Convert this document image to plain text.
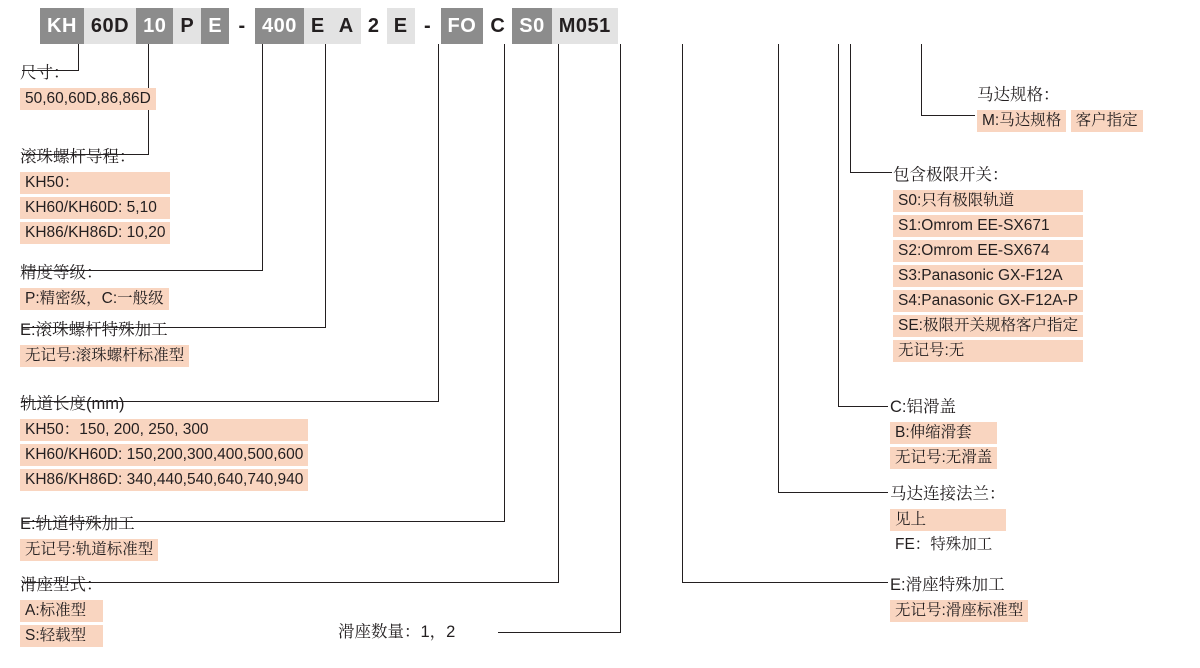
KH 60D 10 P E - 400 E A 2 E - FO C S0 M051
尺寸：
50,60,60D,86,86D
滚珠螺杆导程：
KH50：
KH60/KH60D: 5,10
KH86/KH86D: 10,20
精度等级：
P:精密级，C:一般级
E:滚珠螺杆特殊加工
无记号:滚珠螺杆标准型
轨道长度(mm)
KH50：150, 200, 250, 300
KH60/KH60D: 150,200,300,400,500,600
KH86/KH86D: 340,440,540,640,740,940
E:轨道特殊加工
无记号:轨道标准型
滑座型式：
A:标准型
S:轻载型	滑座数量：1，2
马达规格：
M:马达规格 客户指定
包含极限开关：
S0:只有极限轨道
S1:Omrom EE-SX671
S2:Omrom EE-SX674
S3:Panasonic GX-F12A
S4:Panasonic GX-F12A-P
SE:极限开关规格客户指定
无记号:无
C:铝滑盖
B:伸缩滑套
无记号:无滑盖
马达连接法兰：
见上
FE：特殊加工
E:滑座特殊加工
无记号:滑座标准型
